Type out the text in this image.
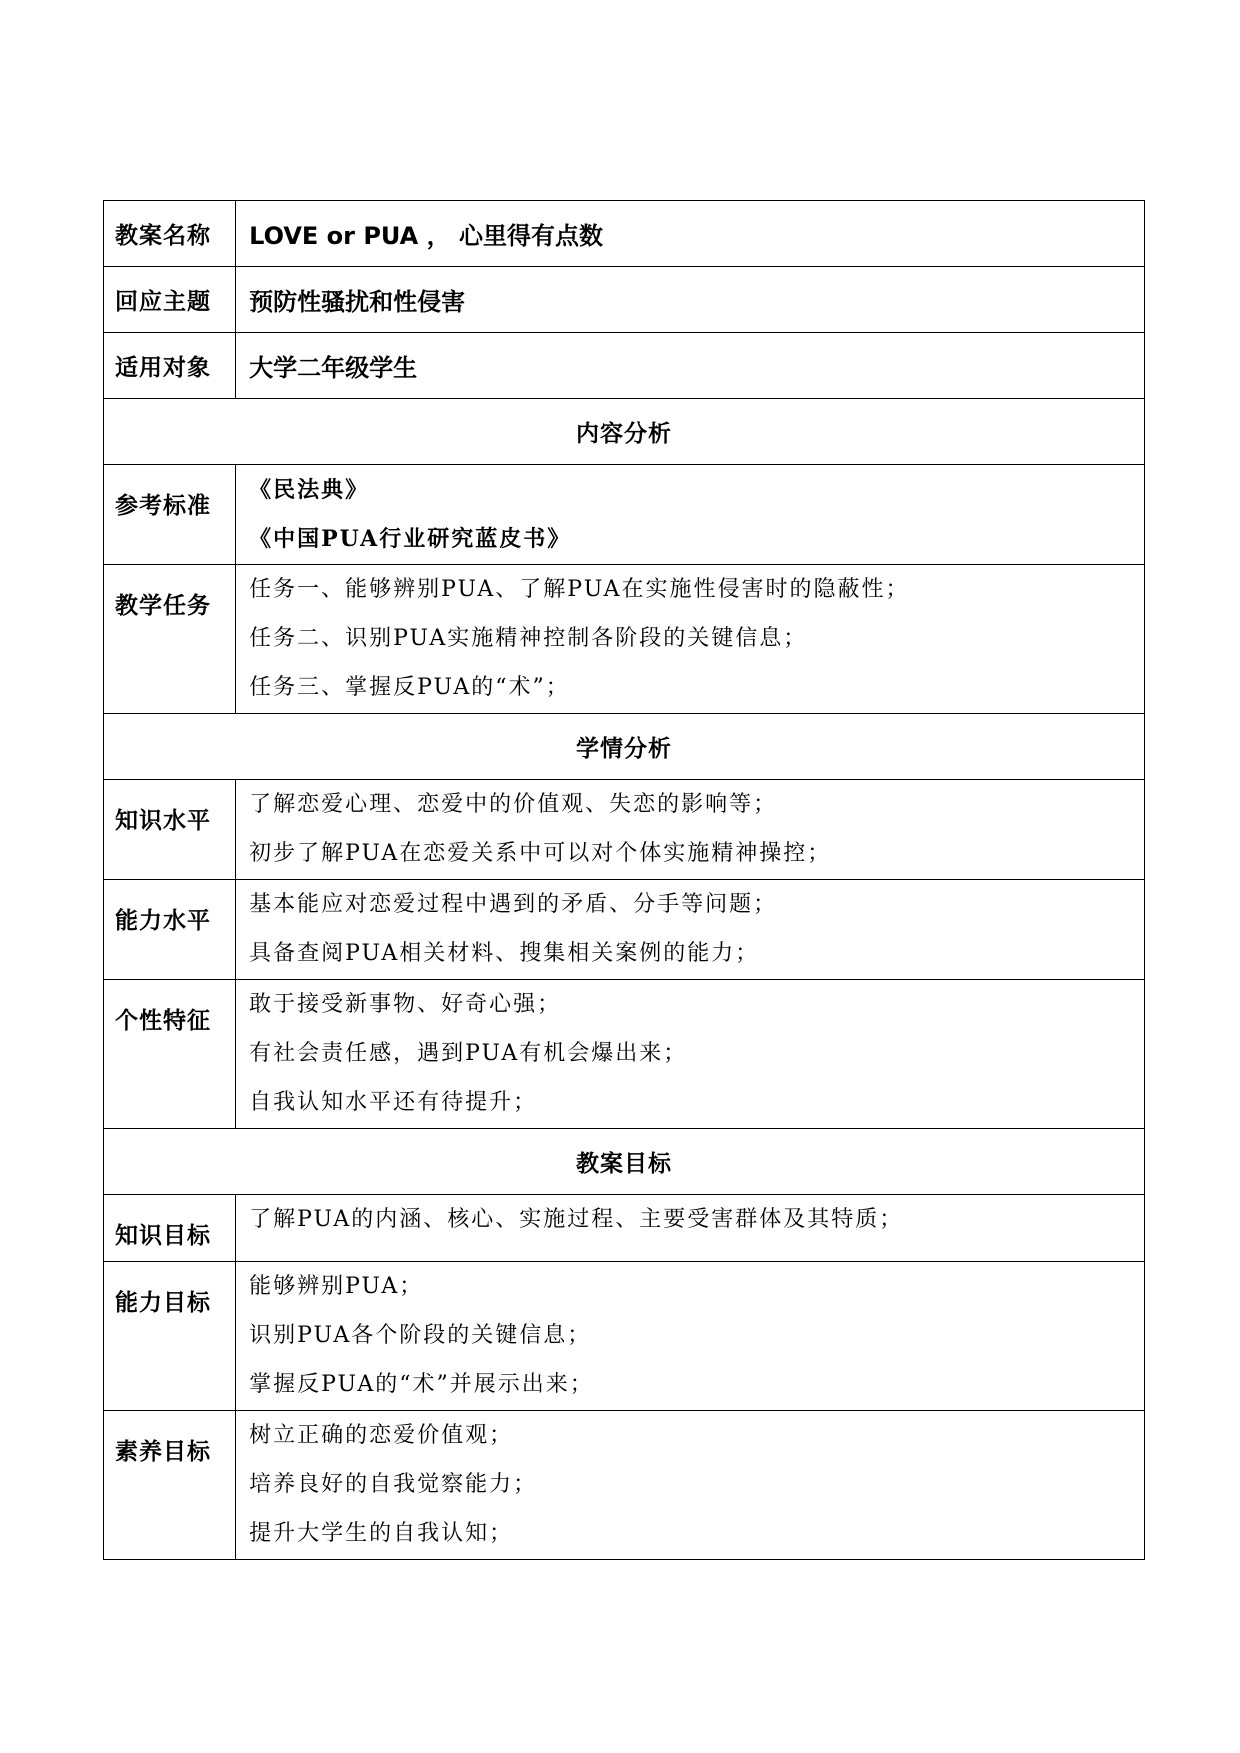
教案名称	LOVE or PUA ， 心里得有点数
回应主题	预防性骚扰和性侵害
适用对象	大学二年级学生
内容分析	
参考标准	《民法典》
《中国PUA行业研究蓝皮书》

教学任务	任务一、能够辨别PUA、了解PUA在实施性侵害时的隐蔽性；
任务二、识别PUA实施精神控制各阶段的关键信息；
任务三、掌握反PUA的“术”；

学情分析	
知识水平	了解恋爱心理、恋爱中的价值观、失恋的影响等；
初步了解PUA在恋爱关系中可以对个体实施精神操控；

能力水平	基本能应对恋爱过程中遇到的矛盾、分手等问题；
具备查阅PUA相关材料、搜集相关案例的能力；

个性特征	敢于接受新事物、好奇心强；
有社会责任感，遇到PUA有机会爆出来；
自我认知水平还有待提升；

教案目标	
知识目标	了解PUA的内涵、核心、实施过程、主要受害群体及其特质；

能力目标	能够辨别PUA；
识别PUA各个阶段的关键信息；
掌握反PUA的“术”并展示出来；

素养目标	树立正确的恋爱价值观；
培养良好的自我觉察能力；
提升大学生的自我认知；
